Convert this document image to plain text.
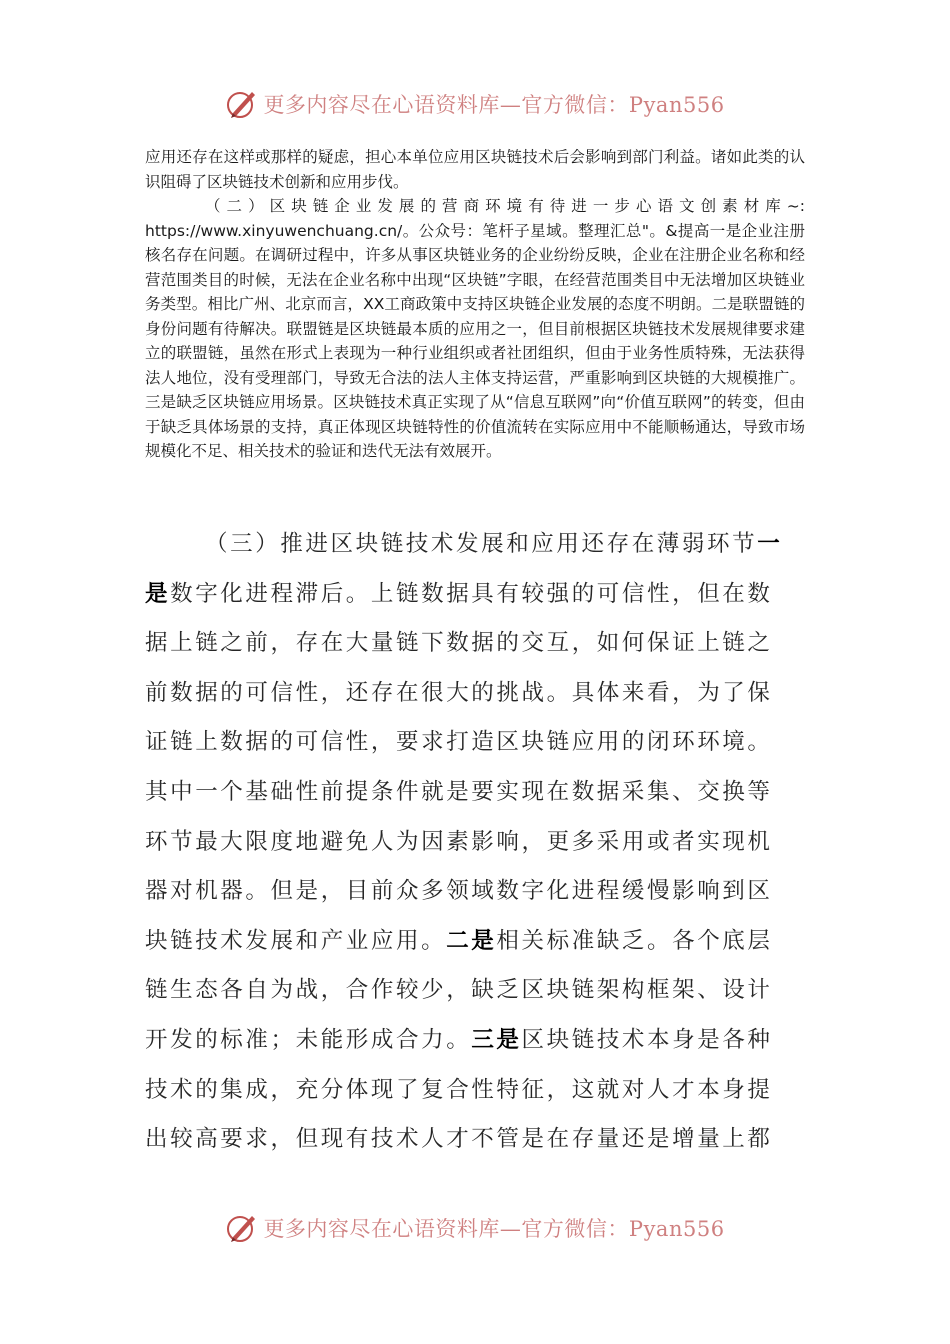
更多内容尽在心语资料库—官方微信：Pyan556

应用还存在这样或那样的疑虑，担心本单位应用区块链技术后会影响到部门利益。诸如此类的认识阻碍了区块链技术创新和应用步伐。

（二）区块链企业发展的营商环境有待进一步心语文创素材库~: https://www.xinyuwenchuang.cn/。公众号：笔杆子星域。整理汇总"。&提高一是企业注册核名存在问题。在调研过程中，许多从事区块链业务的企业纷纷反映，企业在注册企业名称和经营范围类目的时候，无法在企业名称中出现“区块链”字眼，在经营范围类目中无法增加区块链业务类型。相比广州、北京而言，XX工商政策中支持区块链企业发展的态度不明朗。二是联盟链的身份问题有待解决。联盟链是区块链最本质的应用之一，但目前根据区块链技术发展规律要求建立的联盟链，虽然在形式上表现为一种行业组织或者社团组织，但由于业务性质特殊，无法获得法人地位，没有受理部门，导致无合法的法人主体支持运营，严重影响到区块链的大规模推广。三是缺乏区块链应用场景。区块链技术真正实现了从“信息互联网”向“价值互联网”的转变，但由于缺乏具体场景的支持，真正体现区块链特性的价值流转在实际应用中不能顺畅通达，导致市场规模化不足、相关技术的验证和迭代无法有效展开。

（三）推进区块链技术发展和应用还存在薄弱环节一
是数字化进程滞后。上链数据具有较强的可信性，但在数
据上链之前，存在大量链下数据的交互，如何保证上链之
前数据的可信性，还存在很大的挑战。具体来看，为了保
证链上数据的可信性，要求打造区块链应用的闭环环境。
其中一个基础性前提条件就是要实现在数据采集、交换等
环节最大限度地避免人为因素影响，更多采用或者实现机
器对机器。但是，目前众多领域数字化进程缓慢影响到区
块链技术发展和产业应用。二是相关标准缺乏。各个底层
链生态各自为战，合作较少，缺乏区块链架构框架、设计
开发的标准；未能形成合力。三是区块链技术本身是各种
技术的集成，充分体现了复合性特征，这就对人才本身提
出较高要求，但现有技术人才不管是在存量还是增量上都
更多内容尽在心语资料库—官方微信：Pyan556
